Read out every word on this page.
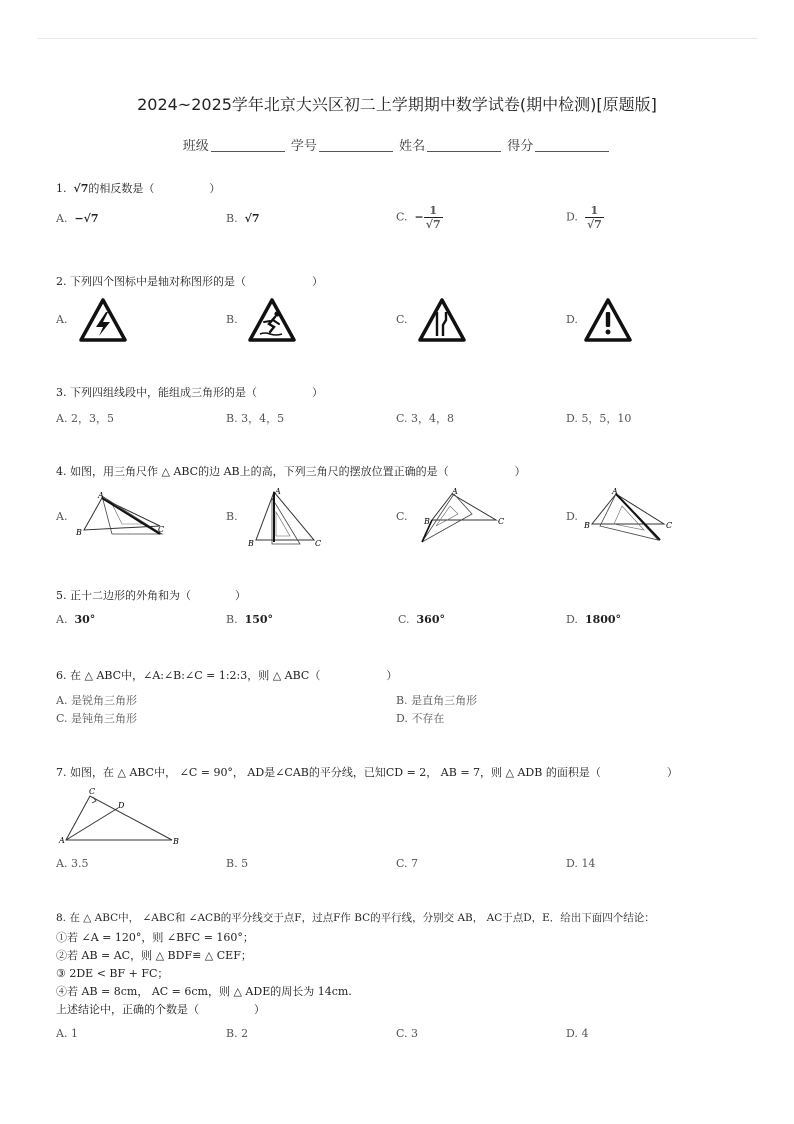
2024~2025学年北京大兴区初二上学期期中数学试卷(期中检测)[原题版]
班级	学号	姓名	得分
1. √7的相反数是（　　　　　）
A. −√7	B. √7	C. − $\frac{1}{√7}$	D. $\frac{1}{√7}$
2. 下列四个图标中是轴对称图形的是（　　　　　　）
A.	B.	C.	D.
3. 下列四组线段中，能组成三角形的是（　　　　　）
A. 2，3，5	B. 3，4，5	C. 3，4，8	D. 5，5，10
4. 如图，用三角尺作 △ ABC的边 AB上的高，下列三角尺的摆放位置正确的是（　　　　　　）
A.
A
B	C
B.
A
B	C
C.
A
B	C	D.
A
B	C
5. 正十二边形的外角和为（　　　　）
A. 30°	B. 150°	C. 360°	D. 1800°
6. 在 △ ABC中，∠A:∠B:∠C = 1:2:3，则 △ ABC（　　　　　　）
A. 是锐角三角形	B. 是直角三角形
C. 是钝角三角形	D. 不存在
7. 如图，在 △ ABC中， ∠C = 90°， AD是∠CAB的平分线，已知CD = 2， AB = 7，则 △ ADB 的面积是（　　　　　　）
C
D
A	B
A. 3.5	B. 5	C. 7	D. 14
8. 在 △ ABC中， ∠ABC和 ∠ACB的平分线交于点F，过点F作 BC的平行线，分别交 AB， AC于点D，E．给出下面四个结论：
①若 ∠A = 120°，则 ∠BFC = 160°；
②若 AB = AC，则 △ BDF≌ △ CEF；
③ 2DE < BF + FC；
④若 AB = 8cm， AC = 6cm，则 △ ADE的周长为 14cm.
上述结论中，正确的个数是（　　　　　）
A. 1	B. 2	C. 3	D. 4
